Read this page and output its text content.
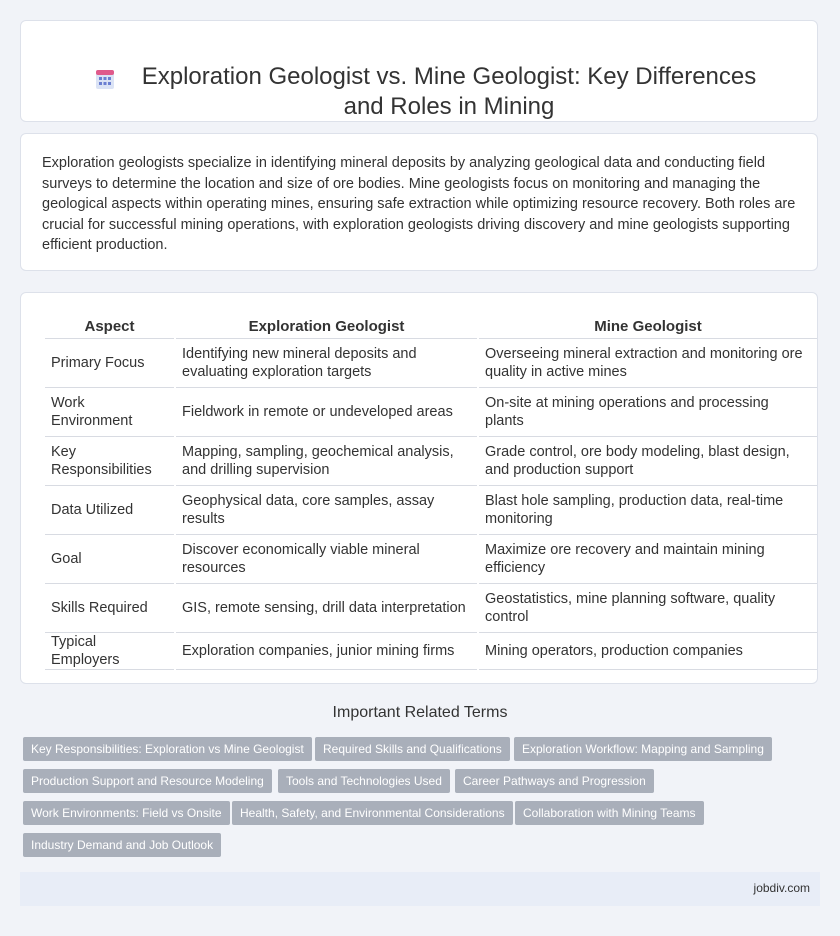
Exploration Geologist vs. Mine Geologist: Key Differences and Roles in Mining

Exploration geologists specialize in identifying mineral deposits by analyzing geological data and conducting field surveys to determine the location and size of ore bodies. Mine geologists focus on monitoring and managing the geological aspects within operating mines, ensuring safe extraction while optimizing resource recovery. Both roles are crucial for successful mining operations, with exploration geologists driving discovery and mine geologists supporting efficient production.

Aspect	Exploration Geologist	Mine Geologist
Primary Focus	Identifying new mineral deposits and evaluating exploration targets	Overseeing mineral extraction and monitoring ore quality in active mines
Work Environment	Fieldwork in remote or undeveloped areas	On-site at mining operations and processing plants
Key Responsibilities	Mapping, sampling, geochemical analysis, and drilling supervision	Grade control, ore body modeling, blast design, and production support
Data Utilized	Geophysical data, core samples, assay results	Blast hole sampling, production data, real-time monitoring
Goal	Discover economically viable mineral resources	Maximize ore recovery and maintain mining efficiency
Skills Required	GIS, remote sensing, drill data interpretation	Geostatistics, mine planning software, quality control
Typical Employers	Exploration companies, junior mining firms	Mining operators, production companies
Important Related Terms
Key Responsibilities: Exploration vs Mine Geologist	Required Skills and Qualifications	Exploration Workflow: Mapping and Sampling
Production Support and Resource Modeling	Tools and Technologies Used	Career Pathways and Progression
Work Environments: Field vs Onsite	Health, Safety, and Environmental Considerations	Collaboration with Mining Teams
Industry Demand and Job Outlook
jobdiv.com
